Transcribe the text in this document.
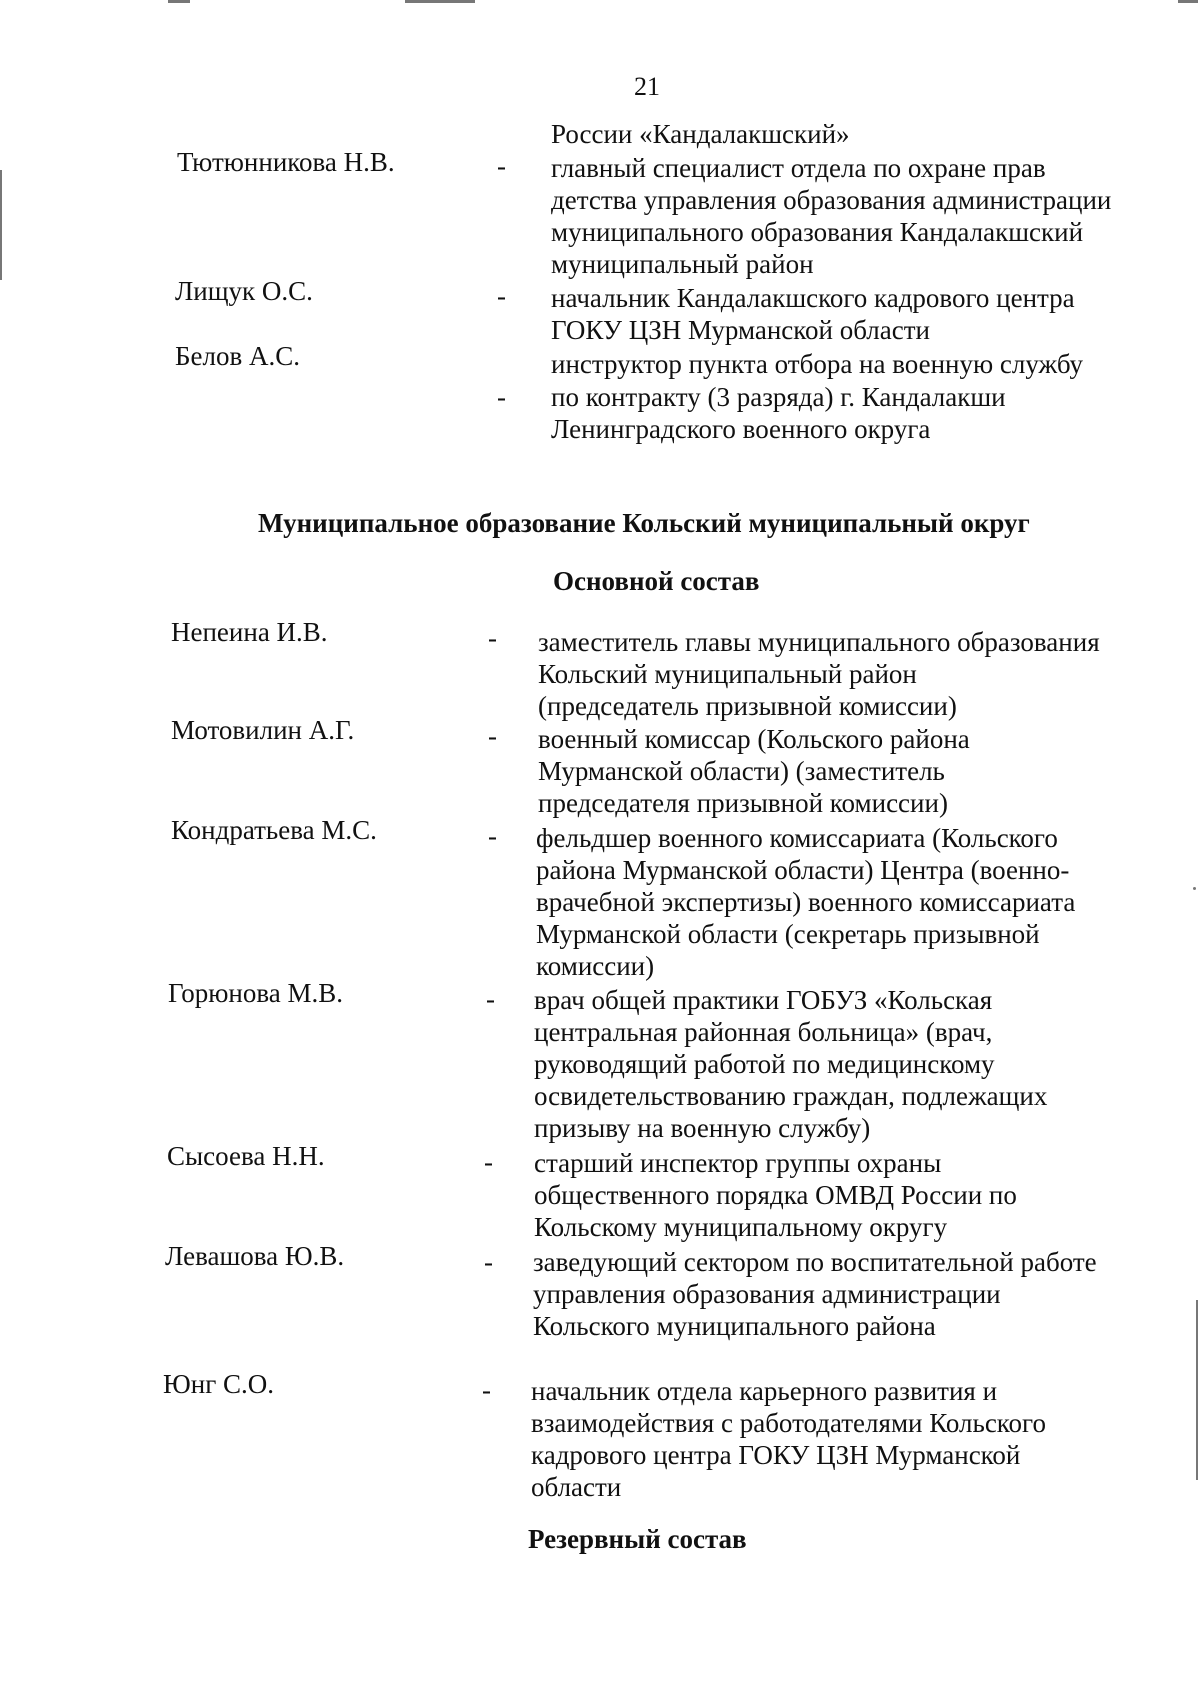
21
России «Кандалакшский»
Тютюнникова Н.В.	- главный специалист отдела по охране прав
детства управления образования администрации
муниципального образования Кандалакшский
муниципальный район
Лищук О.С.	- начальник Кандалакшского кадрового центра
ГОКУ ЦЗН Мурманской области
Белов А.С.	инструктор пункта отбора на военную службу
- по контракту (3 разряда) г. Кандалакши
Ленинградского военного округа
Муниципальное образование Кольский муниципальный округ
Основной состав
Непеина И.В.	- заместитель главы муниципального образования
Кольский муниципальный район
(председатель призывной комиссии)
Мотовилин А.Г.	- военный комиссар (Кольского района
Мурманской области) (заместитель
председателя призывной комиссии)
Кондратьева М.С.	- фельдшер военного комиссариата (Кольского
района Мурманской области) Центра (военно-
врачебной экспертизы) военного комиссариата
Мурманской области (секретарь призывной
комиссии)
Горюнова М.В.	- врач общей практики ГОБУЗ «Кольская
центральная районная больница» (врач,
руководящий работой по медицинскому
освидетельствованию граждан, подлежащих
призыву на военную службу)
Сысоева Н.Н.	- старший инспектор группы охраны
общественного порядка ОМВД России по
Кольскому муниципальному округу
Левашова Ю.В.	- заведующий сектором по воспитательной работе
управления образования администрации
Кольского муниципального района
Юнг С.О.	- начальник отдела карьерного развития и
взаимодействия с работодателями Кольского
кадрового центра ГОКУ ЦЗН Мурманской
области
Резервный состав
